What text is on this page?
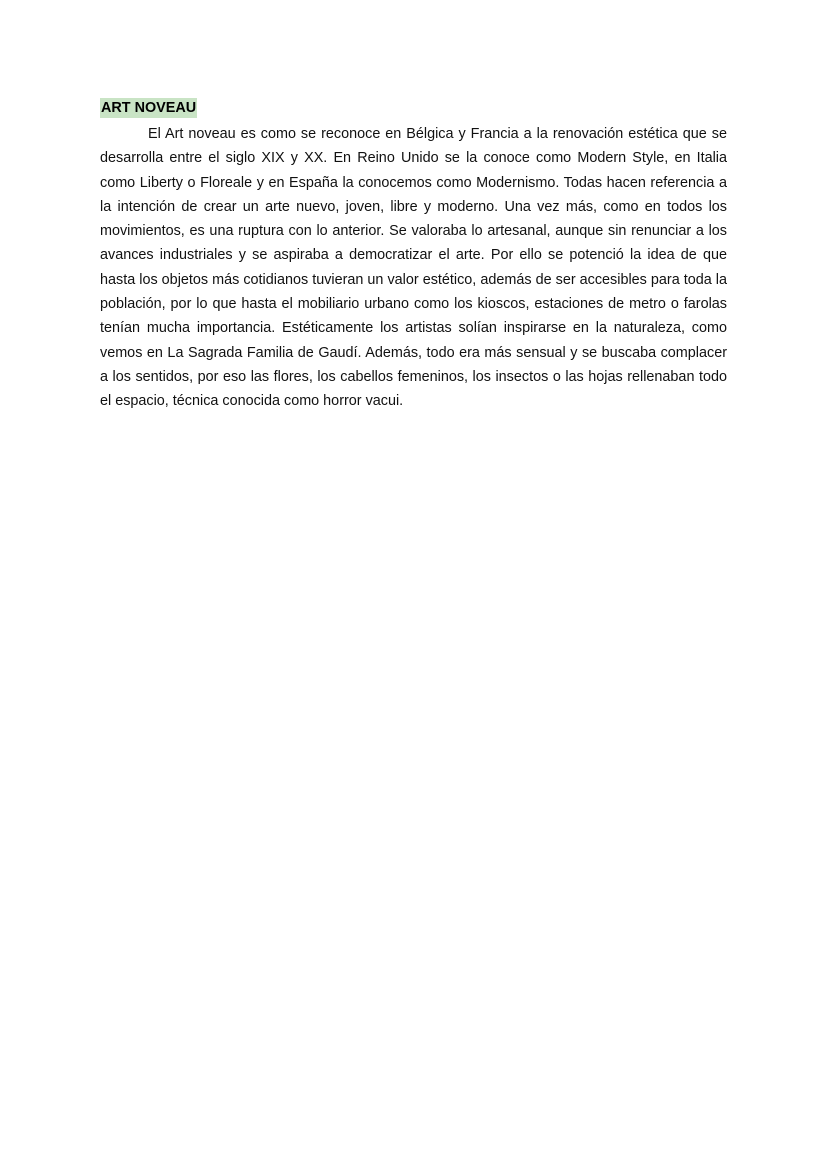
ART NOVEAU

El Art noveau es como se reconoce en Bélgica y Francia a la renovación estética que se desarrolla entre el siglo XIX y XX. En Reino Unido se la conoce como Modern Style, en Italia como Liberty o Floreale y en España la conocemos como Modernismo. Todas hacen referencia a la intención de crear un arte nuevo, joven, libre y moderno. Una vez más, como en todos los movimientos, es una ruptura con lo anterior. Se valoraba lo artesanal, aunque sin renunciar a los avances industriales y se aspiraba a democratizar el arte. Por ello se potenció la idea de que hasta los objetos más cotidianos tuvieran un valor estético, además de ser accesibles para toda la población, por lo que hasta el mobiliario urbano como los kioscos, estaciones de metro o farolas tenían mucha importancia. Estéticamente los artistas solían inspirarse en la naturaleza, como vemos en La Sagrada Familia de Gaudí. Además, todo era más sensual y se buscaba complacer a los sentidos, por eso las flores, los cabellos femeninos, los insectos o las hojas rellenaban todo el espacio, técnica conocida como horror vacui.
